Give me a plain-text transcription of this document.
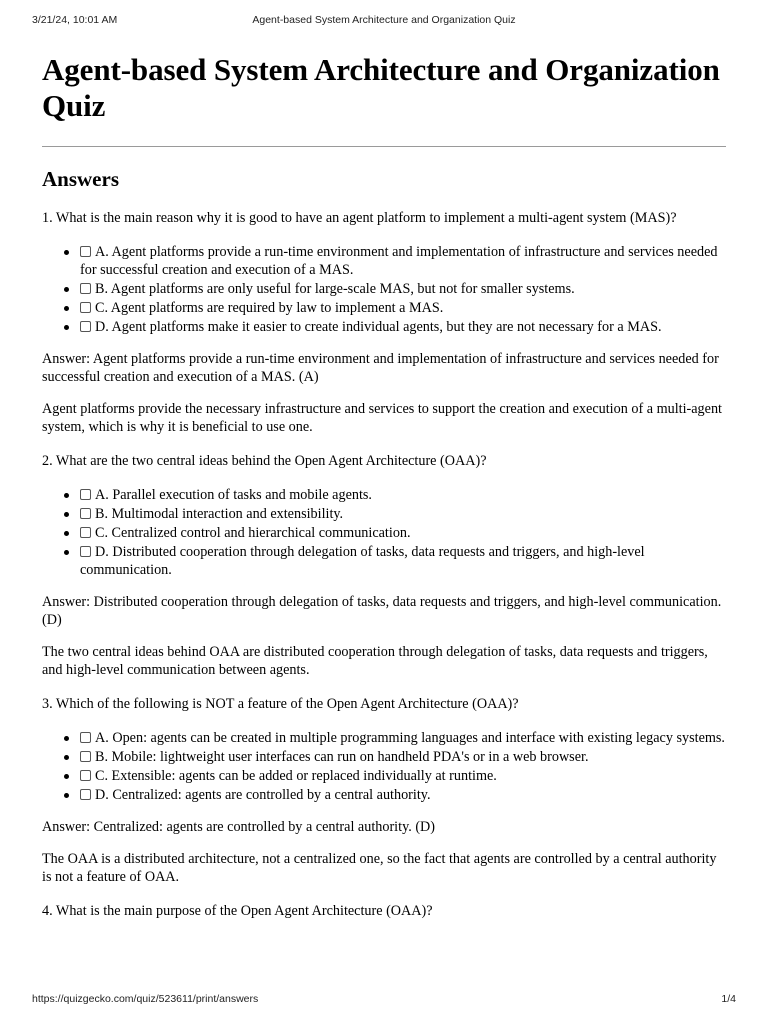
3/21/24, 10:01 AM	Agent-based System Architecture and Organization Quiz
Agent-based System Architecture and Organization Quiz
Answers

1. What is the main reason why it is good to have an agent platform to implement a multi-agent system (MAS)?

A. Agent platforms provide a run-time environment and implementation of infrastructure and services needed for successful creation and execution of a MAS.
B. Agent platforms are only useful for large-scale MAS, but not for smaller systems.
C. Agent platforms are required by law to implement a MAS.
D. Agent platforms make it easier to create individual agents, but they are not necessary for a MAS.

Answer: Agent platforms provide a run-time environment and implementation of infrastructure and services needed for successful creation and execution of a MAS. (A)

Agent platforms provide the necessary infrastructure and services to support the creation and execution of a multi-agent system, which is why it is beneficial to use one.

2. What are the two central ideas behind the Open Agent Architecture (OAA)?

A. Parallel execution of tasks and mobile agents.
B. Multimodal interaction and extensibility.
C. Centralized control and hierarchical communication.
D. Distributed cooperation through delegation of tasks, data requests and triggers, and high-level communication.

Answer: Distributed cooperation through delegation of tasks, data requests and triggers, and high-level communication. (D)

The two central ideas behind OAA are distributed cooperation through delegation of tasks, data requests and triggers, and high-level communication between agents.

3. Which of the following is NOT a feature of the Open Agent Architecture (OAA)?

A. Open: agents can be created in multiple programming languages and interface with existing legacy systems.
B. Mobile: lightweight user interfaces can run on handheld PDA's or in a web browser.
C. Extensible: agents can be added or replaced individually at runtime.
D. Centralized: agents are controlled by a central authority.

Answer: Centralized: agents are controlled by a central authority. (D)

The OAA is a distributed architecture, not a centralized one, so the fact that agents are controlled by a central authority is not a feature of OAA.

4. What is the main purpose of the Open Agent Architecture (OAA)?

https://quizgecko.com/quiz/523611/print/answers	1/4
